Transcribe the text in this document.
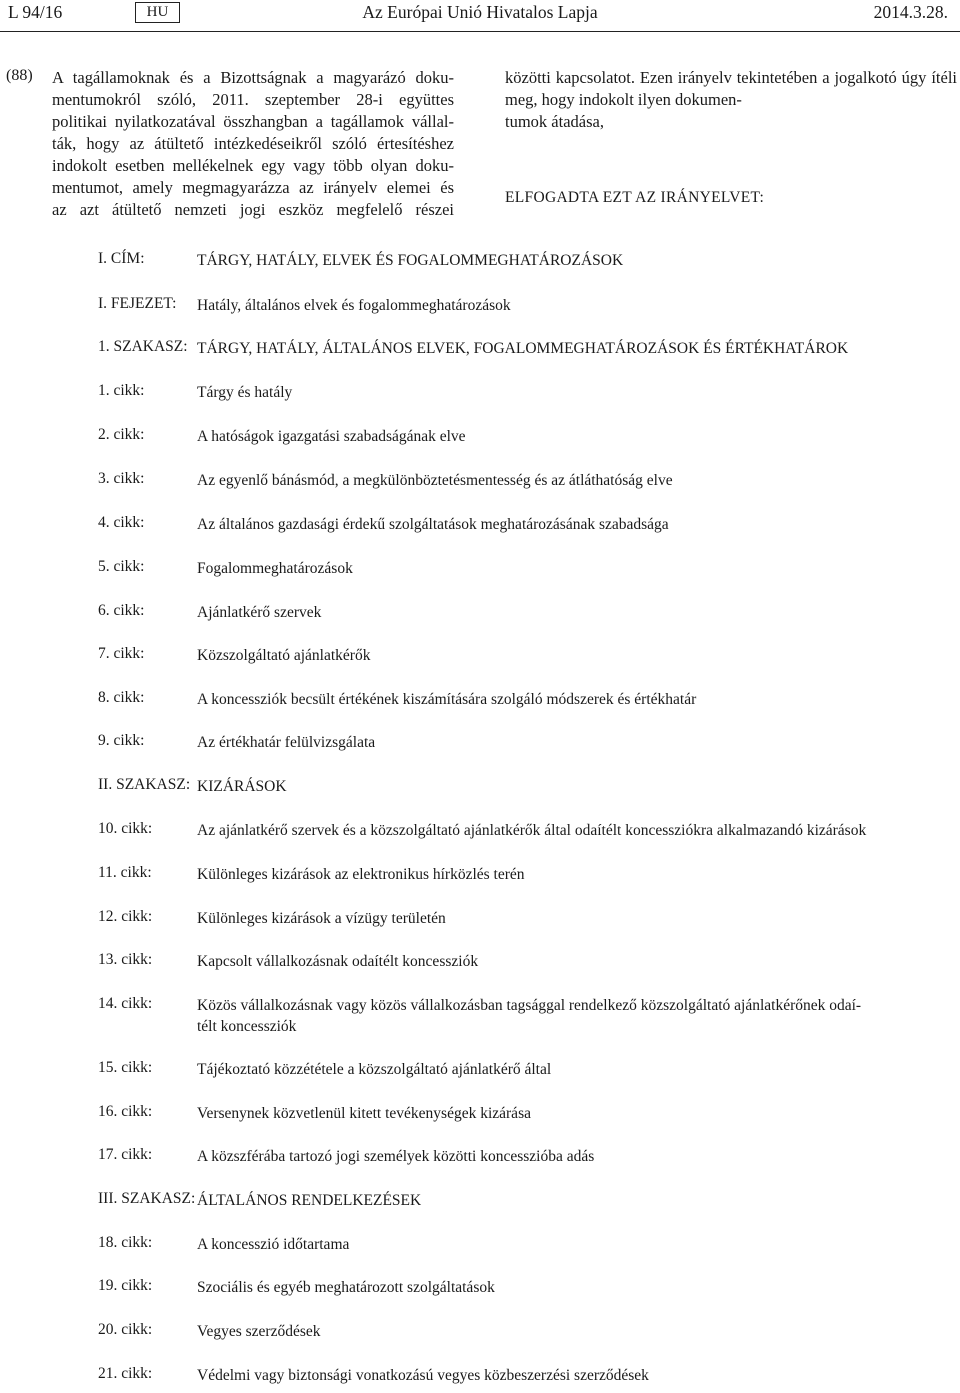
L 94/16	HU	Az Európai Unió Hivatalos Lapja	2014.3.28.
(88) A tagállamoknak és a Bizottságnak a magyarázó doku-
mentumokról szóló, 2011. szeptember 28-i együttes
politikai nyilatkozatával összhangban a tagállamok vállal-
ták, hogy az átültető intézkedéseikről szóló értesítéshez
indokolt esetben mellékelnek egy vagy több olyan doku-
mentumot, amely megmagyarázza az irányelv elemei és
az azt átültető nemzeti jogi eszköz megfelelő részei
közötti kapcsolatot. Ezen irányelv tekintetében a jogalkotó úgy ítéli meg, hogy indokolt ilyen dokumen-
tumok átadása,
ELFOGADTA EZT AZ IRÁNYELVET:
I. CÍM:	TÁRGY, HATÁLY, ELVEK ÉS FOGALOMMEGHATÁROZÁSOK
I. FEJEZET: Hatály, általános elvek és fogalommeghatározások
1. SZAKASZ: TÁRGY, HATÁLY, ÁLTALÁNOS ELVEK, FOGALOMMEGHATÁROZÁSOK ÉS ÉRTÉKHATÁROK
1. cikk:	Tárgy és hatály
2. cikk:	A hatóságok igazgatási szabadságának elve
3. cikk:	Az egyenlő bánásmód, a megkülönböztetésmentesség és az átláthatóság elve
4. cikk:	Az általános gazdasági érdekű szolgáltatások meghatározásának szabadsága
5. cikk:	Fogalommeghatározások
6. cikk:	Ajánlatkérő szervek
7. cikk:	Közszolgáltató ajánlatkérők
8. cikk:	A koncessziók becsült értékének kiszámítására szolgáló módszerek és értékhatár
9. cikk:	Az értékhatár felülvizsgálata
II. SZAKASZ: KIZÁRÁSOK
10. cikk:	Az ajánlatkérő szervek és a közszolgáltató ajánlatkérők által odaítélt koncessziókra alkalmazandó kizárások
11. cikk:	Különleges kizárások az elektronikus hírközlés terén
12. cikk:	Különleges kizárások a vízügy területén
13. cikk:	Kapcsolt vállalkozásnak odaítélt koncessziók
14. cikk:	Közös vállalkozásnak vagy közös vállalkozásban tagsággal rendelkező közszolgáltató ajánlatkérőnek odaí-
télt koncessziók
15. cikk:	Tájékoztató közzététele a közszolgáltató ajánlatkérő által
16. cikk:	Versenynek közvetlenül kitett tevékenységek kizárása
17. cikk:	A közszférába tartozó jogi személyek közötti koncesszióba adás
III. SZAKASZ: ÁLTALÁNOS RENDELKEZÉSEK
18. cikk:	A koncesszió időtartama
19. cikk:	Szociális és egyéb meghatározott szolgáltatások
20. cikk:	Vegyes szerződések
21. cikk:	Védelmi vagy biztonsági vonatkozású vegyes közbeszerzési szerződések
